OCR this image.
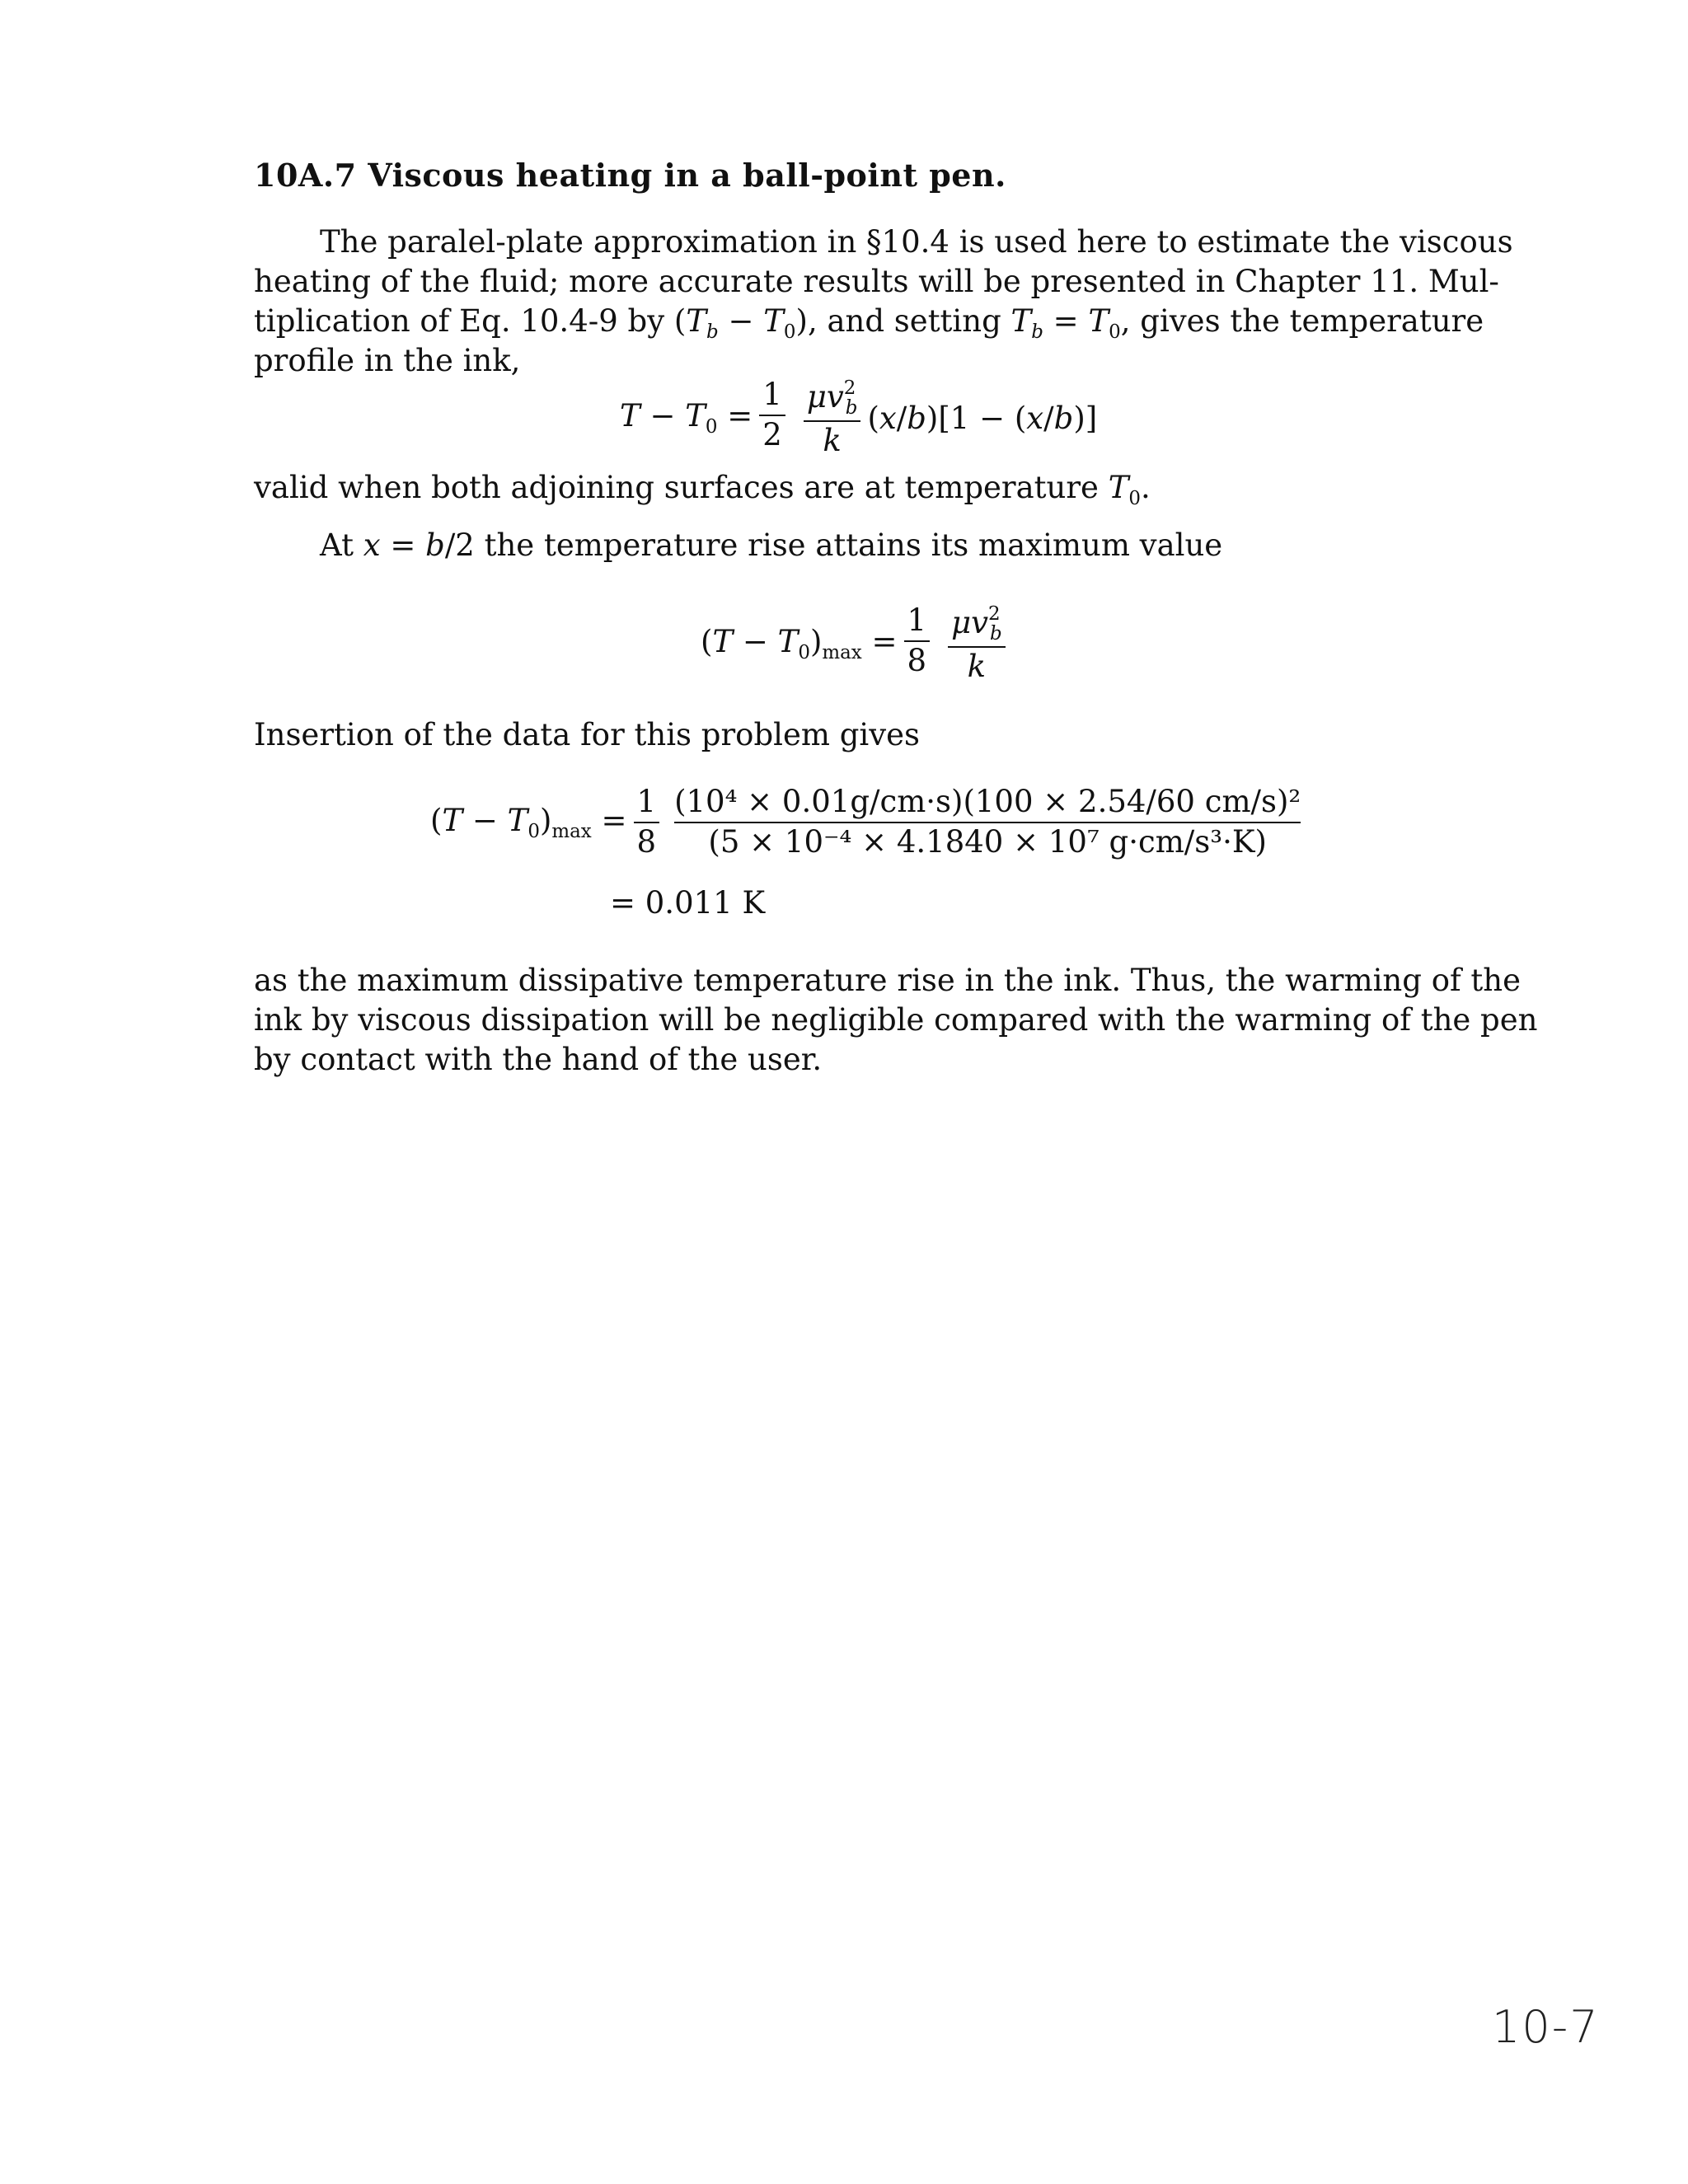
10A.7 Viscous heating in a ball-point pen.

The paralel-plate approximation in §10.4 is used here to estimate the viscous

heating of the fluid; more accurate results will be presented in Chapter 11. Mul-

tiplication of Eq. 10.4-9 by $(T_b - T_0)$, and setting $T_b = T_0$, gives the temperature

profile in the ink,

$T - T_0 = \frac{1}{2} \frac{\mu v^2_b}{k} (x/b)[1 - (x/b)]$

valid when both adjoining surfaces are at temperature $T_0$.

At x = b/2 the temperature rise attains its maximum value

$(T - T_0)_{max} = \frac{1}{8} \frac{\mu v^2_b}{k}$

Insertion of the data for this problem gives

$(T - T_0)_{max} = \frac{1}{8} \frac{\text{(10⁴ × 0.01g/cm·s)(100 × 2.54/60 cm/s)²}}{\text{(5 × 10⁻⁴ × 4.1840 × 10⁷ g·cm/s³·K)}}$

= 0.011 K

as the maximum dissipative temperature rise in the ink. Thus, the warming of the

ink by viscous dissipation will be negligible compared with the warming of the pen

by contact with the hand of the user.

10-7
